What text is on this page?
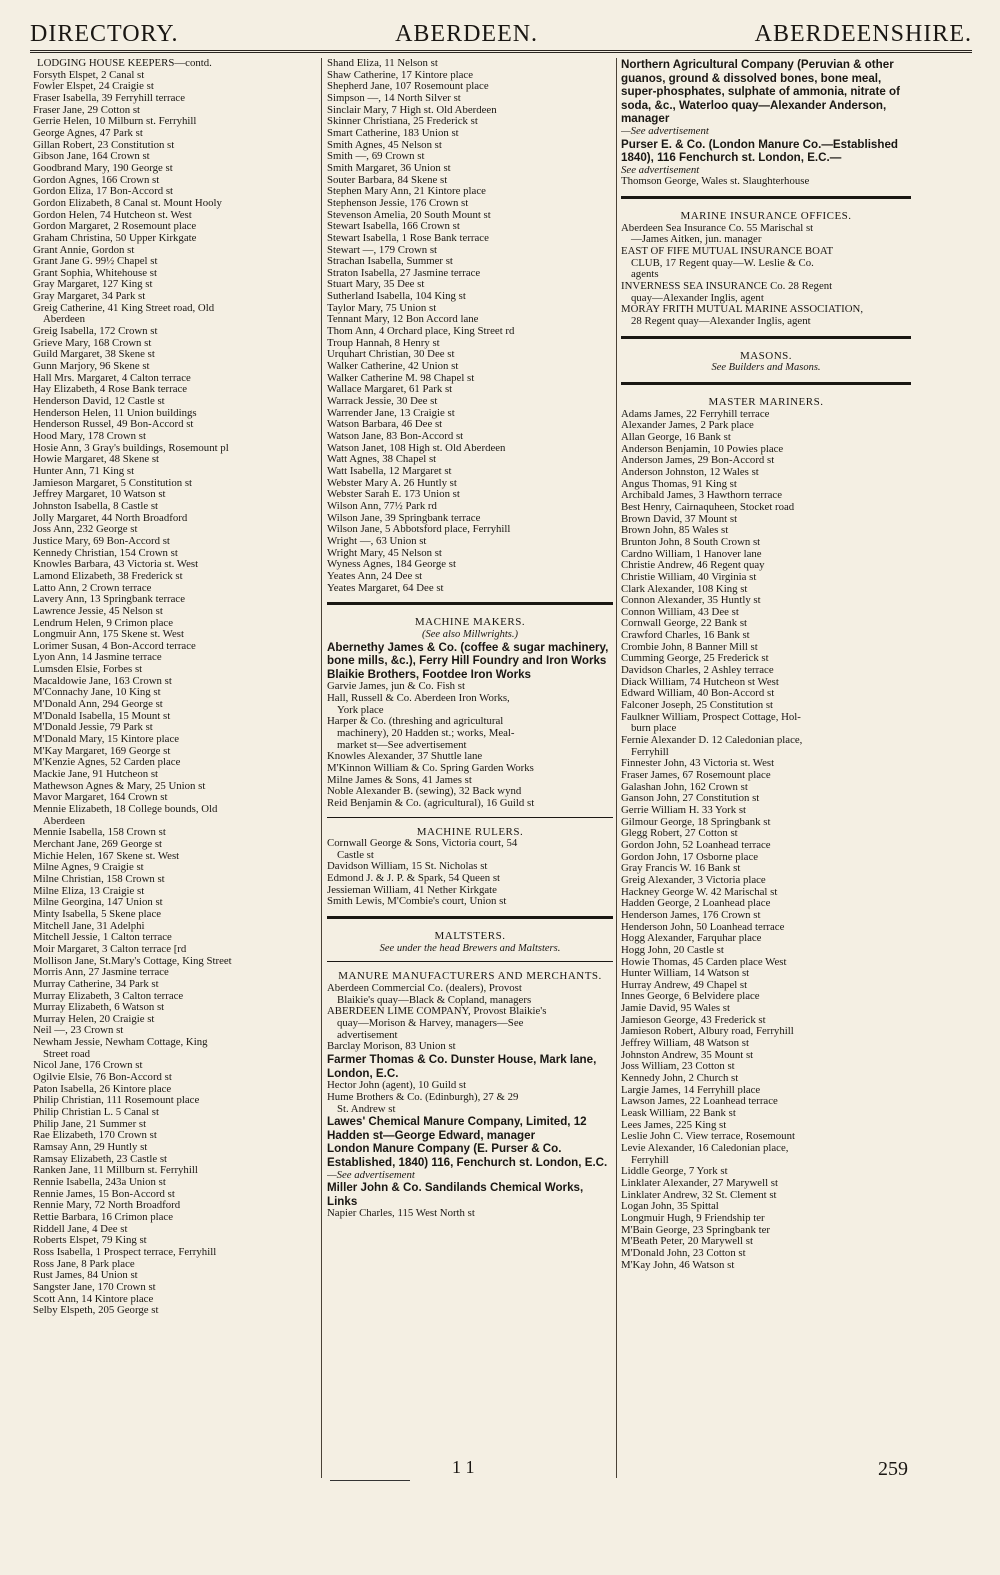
DIRECTORY.	ABERDEEN.	ABERDEENSHIRE.
LODGING HOUSE KEEPERS—contd.
Forsyth Elspet, 2 Canal st
Fowler Elspet, 24 Craigie st
Fraser Isabella, 39 Ferryhill terrace
Fraser Jane, 29 Cotton st
Gerrie Helen, 10 Milburn st. Ferryhill
George Agnes, 47 Park st
Gillan Robert, 23 Constitution st
Gibson Jane, 164 Crown st
Goodbrand Mary, 190 George st
Gordon Agnes, 166 Crown st
Gordon Eliza, 17 Bon-Accord st
Gordon Elizabeth, 8 Canal st. Mount Hooly
Gordon Helen, 74 Hutcheon st. West
Gordon Margaret, 2 Rosemount place
Graham Christina, 50 Upper Kirkgate
Grant Annie, Gordon st
Grant Jane G. 99½ Chapel st
Grant Sophia, Whitehouse st
Gray Margaret, 127 King st
Gray Margaret, 34 Park st
Greig Catherine, 41 King Street road, Old
Aberdeen
Greig Isabella, 172 Crown st
Grieve Mary, 168 Crown st
Guild Margaret, 38 Skene st
Gunn Marjory, 96 Skene st
Hall Mrs. Margaret, 4 Calton terrace
Hay Elizabeth, 4 Rose Bank terrace
Henderson David, 12 Castle st
Henderson Helen, 11 Union buildings
Henderson Russel, 49 Bon-Accord st
Hood Mary, 178 Crown st
Hosie Ann, 3 Gray's buildings, Rosemount pl
Howie Margaret, 48 Skene st
Hunter Ann, 71 King st
Jamieson Margaret, 5 Constitution st
Jeffrey Margaret, 10 Watson st
Johnston Isabella, 8 Castle st
Jolly Margaret, 44 North Broadford
Joss Ann, 232 George st
Justice Mary, 69 Bon-Accord st
Kennedy Christian, 154 Crown st
Knowles Barbara, 43 Victoria st. West
Lamond Elizabeth, 38 Frederick st
Latto Ann, 2 Crown terrace
Lavery Ann, 13 Springbank terrace
Lawrence Jessie, 45 Nelson st
Lendrum Helen, 9 Crimon place
Longmuir Ann, 175 Skene st. West
Lorimer Susan, 4 Bon-Accord terrace
Lyon Ann, 14 Jasmine terrace
Lumsden Elsie, Forbes st
Macaldowie Jane, 163 Crown st
M'Connachy Jane, 10 King st
M'Donald Ann, 294 George st
M'Donald Isabella, 15 Mount st
M'Donald Jessie, 79 Park st
M'Donald Mary, 15 Kintore place
M'Kay Margaret, 169 George st
M'Kenzie Agnes, 52 Carden place
Mackie Jane, 91 Hutcheon st
Mathewson Agnes & Mary, 25 Union st
Mavor Margaret, 164 Crown st
Mennie Elizabeth, 18 College bounds, Old
Aberdeen
Mennie Isabella, 158 Crown st
Merchant Jane, 269 George st
Michie Helen, 167 Skene st. West
Milne Agnes, 9 Craigie st
Milne Christian, 158 Crown st
Milne Eliza, 13 Craigie st
Milne Georgina, 147 Union st
Minty Isabella, 5 Skene place
Mitchell Jane, 31 Adelphi
Mitchell Jessie, 1 Calton terrace
Moir Margaret, 3 Calton terrace [rd
Mollison Jane, St.Mary's Cottage, King Street
Morris Ann, 27 Jasmine terrace
Murray Catherine, 34 Park st
Murray Elizabeth, 3 Calton terrace
Murray Elizabeth, 6 Watson st
Murray Helen, 20 Craigie st
Neil —, 23 Crown st
Newham Jessie, Newham Cottage, King
Street road
Nicol Jane, 176 Crown st
Ogilvie Elsie, 76 Bon-Accord st
Paton Isabella, 26 Kintore place
Philip Christian, 111 Rosemount place
Philip Christian L. 5 Canal st
Philip Jane, 21 Summer st
Rae Elizabeth, 170 Crown st
Ramsay Ann, 29 Huntly st
Ramsay Elizabeth, 23 Castle st
Ranken Jane, 11 Millburn st. Ferryhill
Rennie Isabella, 243a Union st
Rennie James, 15 Bon-Accord st
Rennie Mary, 72 North Broadford
Rettie Barbara, 16 Crimon place
Riddell Jane, 4 Dee st
Roberts Elspet, 79 King st
Ross Isabella, 1 Prospect terrace, Ferryhill
Ross Jane, 8 Park place
Rust James, 84 Union st
Sangster Jane, 170 Crown st
Scott Ann, 14 Kintore place
Selby Elspeth, 205 George st
Shand Eliza, 11 Nelson st
Shaw Catherine, 17 Kintore place
Shepherd Jane, 107 Rosemount place
Simpson —, 14 North Silver st
Sinclair Mary, 7 High st. Old Aberdeen
Skinner Christiana, 25 Frederick st
Smart Catherine, 183 Union st
Smith Agnes, 45 Nelson st
Smith —, 69 Crown st
Smith Margaret, 36 Union st
Souter Barbara, 84 Skene st
Stephen Mary Ann, 21 Kintore place
Stephenson Jessie, 176 Crown st
Stevenson Amelia, 20 South Mount st
Stewart Isabella, 166 Crown st
Stewart Isabella, 1 Rose Bank terrace
Stewart —, 179 Crown st
Strachan Isabella, Summer st
Straton Isabella, 27 Jasmine terrace
Stuart Mary, 35 Dee st
Sutherland Isabella, 104 King st
Taylor Mary, 75 Union st
Tennant Mary, 12 Bon Accord lane
Thom Ann, 4 Orchard place, King Street rd
Troup Hannah, 8 Henry st
Urquhart Christian, 30 Dee st
Walker Catherine, 42 Union st
Walker Catherine M. 98 Chapel st
Wallace Margaret, 61 Park st
Warrack Jessie, 30 Dee st
Warrender Jane, 13 Craigie st
Watson Barbara, 46 Dee st
Watson Jane, 83 Bon-Accord st
Watson Janet, 108 High st. Old Aberdeen
Watt Agnes, 38 Chapel st
Watt Isabella, 12 Margaret st
Webster Mary A. 26 Huntly st
Webster Sarah E. 173 Union st
Wilson Ann, 77½ Park rd
Wilson Jane, 39 Springbank terrace
Wilson Jane, 5 Abbotsford place, Ferryhill
Wright —, 63 Union st
Wright Mary, 45 Nelson st
Wyness Agnes, 184 George st
Yeates Ann, 24 Dee st
Yeates Margaret, 64 Dee st
MACHINE MAKERS.
(See also Millwrights.)
Abernethy James & Co. (coffee & sugar machinery, bone mills, &c.), Ferry Hill Foundry and Iron Works
Blaikie Brothers, Footdee Iron Works
Garvie James, jun & Co. Fish st
Hall, Russell & Co. Aberdeen Iron Works,
York place
Harper & Co. (threshing and agricultural
machinery), 20 Hadden st.; works, Meal-
market st—See advertisement
Knowles Alexander, 37 Shuttle lane
M'Kinnon William & Co. Spring Garden Works
Milne James & Sons, 41 James st
Noble Alexander B. (sewing), 32 Back wynd
Reid Benjamin & Co. (agricultural), 16 Guild st
MACHINE RULERS.
Cornwall George & Sons, Victoria court, 54
Castle st
Davidson William, 15 St. Nicholas st
Edmond J. & J. P. & Spark, 54 Queen st
Jessieman William, 41 Nether Kirkgate
Smith Lewis, M'Combie's court, Union st
MALTSTERS.
See under the head Brewers and Maltsters.
MANURE MANUFACTURERS AND MERCHANTS.
Aberdeen Commercial Co. (dealers), Provost
Blaikie's quay—Black & Copland, managers
ABERDEEN LIME COMPANY, Provost Blaikie's
quay—Morison & Harvey, managers—See
advertisement
Barclay Morison, 83 Union st
Farmer Thomas & Co. Dunster House, Mark lane, London, E.C.
Hector John (agent), 10 Guild st
Hume Brothers & Co. (Edinburgh), 27 & 29
St. Andrew st
Lawes' Chemical Manure Company, Limited, 12 Hadden st—George Edward, manager
London Manure Company (E. Purser & Co. Established, 1840) 116, Fenchurch st. London, E.C.
—See advertisement
Miller John & Co. Sandilands Chemical Works, Links
Napier Charles, 115 West North st
Northern Agricultural Company (Peruvian & other guanos, ground & dissolved bones, bone meal, super-phosphates, sulphate of ammonia, nitrate of soda, &c., Waterloo quay—Alexander Anderson, manager
—See advertisement
Purser E. & Co. (London Manure Co.—Established 1840), 116 Fenchurch st. London, E.C.—
See advertisement
Thomson George, Wales st. Slaughterhouse
MARINE INSURANCE OFFICES.
Aberdeen Sea Insurance Co. 55 Marischal st
—James Aitken, jun. manager
EAST OF FIFE MUTUAL INSURANCE BOAT
CLUB, 17 Regent quay—W. Leslie & Co.
agents
INVERNESS SEA INSURANCE Co. 28 Regent
quay—Alexander Inglis, agent
MORAY FRITH MUTUAL MARINE ASSOCIATION,
28 Regent quay—Alexander Inglis, agent
MASONS.
See Builders and Masons.
MASTER MARINERS.
Adams James, 22 Ferryhill terrace
Alexander James, 2 Park place
Allan George, 16 Bank st
Anderson Benjamin, 10 Powies place
Anderson James, 29 Bon-Accord st
Anderson Johnston, 12 Wales st
Angus Thomas, 91 King st
Archibald James, 3 Hawthorn terrace
Best Henry, Cairnaquheen, Stocket road
Brown David, 37 Mount st
Brown John, 85 Wales st
Brunton John, 8 South Crown st
Cardno William, 1 Hanover lane
Christie Andrew, 46 Regent quay
Christie William, 40 Virginia st
Clark Alexander, 108 King st
Connon Alexander, 35 Huntly st
Connon William, 43 Dee st
Cornwall George, 22 Bank st
Crawford Charles, 16 Bank st
Crombie John, 8 Banner Mill st
Cumming George, 25 Frederick st
Davidson Charles, 2 Ashley terrace
Diack William, 74 Hutcheon st West
Edward William, 40 Bon-Accord st
Falconer Joseph, 25 Constitution st
Faulkner William, Prospect Cottage, Hol-
burn place
Fernie Alexander D. 12 Caledonian place,
Ferryhill
Finnester John, 43 Victoria st. West
Fraser James, 67 Rosemount place
Galashan John, 162 Crown st
Ganson John, 27 Constitution st
Gerrie William H. 33 York st
Gilmour George, 18 Springbank st
Glegg Robert, 27 Cotton st
Gordon John, 52 Loanhead terrace
Gordon John, 17 Osborne place
Gray Francis W. 16 Bank st
Greig Alexander, 3 Victoria place
Hackney George W. 42 Marischal st
Hadden George, 2 Loanhead place
Henderson James, 176 Crown st
Henderson John, 50 Loanhead terrace
Hogg Alexander, Farquhar place
Hogg John, 20 Castle st
Howie Thomas, 45 Carden place West
Hunter William, 14 Watson st
Hurray Andrew, 49 Chapel st
Innes George, 6 Belvidere place
Jamie David, 95 Wales st
Jamieson George, 43 Frederick st
Jamieson Robert, Albury road, Ferryhill
Jeffrey William, 48 Watson st
Johnston Andrew, 35 Mount st
Joss William, 23 Cotton st
Kennedy John, 2 Church st
Largie James, 14 Ferryhill place
Lawson James, 22 Loanhead terrace
Leask William, 22 Bank st
Lees James, 225 King st
Leslie John C. View terrace, Rosemount
Levie Alexander, 16 Caledonian place,
Ferryhill
Liddle George, 7 York st
Linklater Alexander, 27 Marywell st
Linklater Andrew, 32 St. Clement st
Logan John, 35 Spittal
Longmuir Hugh, 9 Friendship ter
M'Bain George, 23 Springbank ter
M'Beath Peter, 20 Marywell st
M'Donald John, 23 Cotton st
M'Kay John, 46 Watson st
1 1	259
